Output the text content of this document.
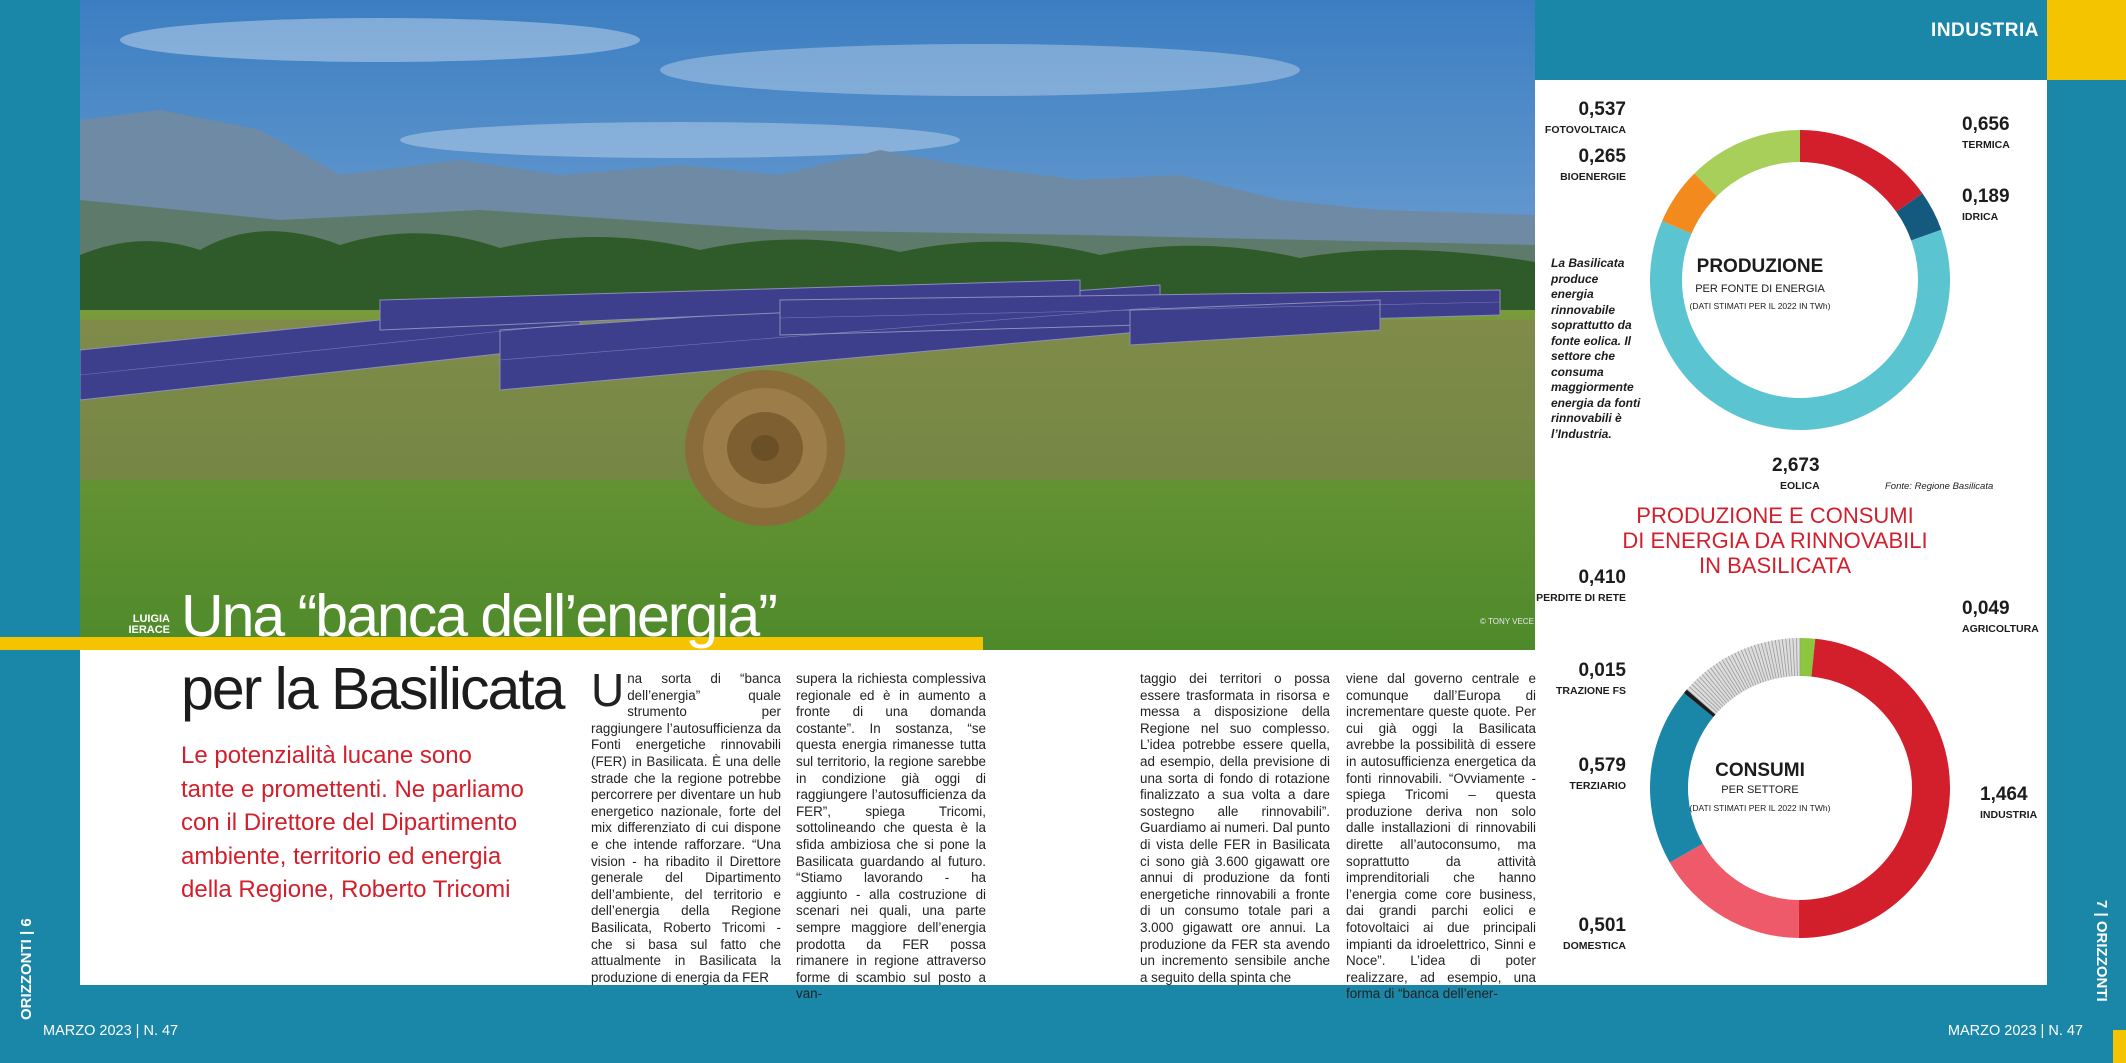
INDUSTRIA
© TONY VECE
LUIGIA
IERACE Una “banca dell’energia”
per la Basilicata
Le potenzialità lucane sono tante e promettenti. Ne parliamo con il Direttore del Dipartimento ambiente, territorio ed energia della Regione, Roberto Tricomi
Una sorta di “banca dell’energia” quale strumento per raggiungere l’autosufficienza da Fonti energetiche rinnovabili (FER) in Basilicata. È una delle strade che la regione potrebbe percorrere per diventare un hub energetico nazionale, forte del mix differenziato di cui dispone e che intende rafforzare. “Una vision - ha ribadito il Direttore generale del Dipartimento dell’ambiente, del territorio e dell’energia della Regione Basilicata, Roberto Tricomi - che si basa sul fatto che attualmente in Basilicata la produzione di energia da FER

supera la richiesta complessiva regionale ed è in aumento a fronte di una domanda costante”. In sostanza, “se questa energia rimanesse tutta sul territorio, la regione sarebbe in condizione già oggi di raggiungere l’autosufficienza da FER”, spiega Tricomi, sottolineando che questa è la sfida ambiziosa che si pone la Basilicata guardando al futuro. “Stiamo lavorando - ha aggiunto - alla costruzione di scenari nei quali, una parte sempre maggiore dell’energia prodotta da FER possa rimanere in regione attraverso forme di scambio sul posto a van-

taggio dei territori o possa essere trasformata in risorsa e messa a disposizione della Regione nel suo complesso. L’idea potrebbe essere quella, ad esempio, della previsione di una sorta di fondo di rotazione finalizzato a sua volta a dare sostegno alle rinnovabili”. Guardiamo ai numeri. Dal punto di vista delle FER in Basilicata ci sono già 3.600 gigawatt ore annui di produzione da fonti energetiche rinnovabili a fronte di un consumo totale pari a 3.000 gigawatt ore annui. La produzione da FER sta avendo un incremento sensibile anche a seguito della spinta che

viene dal governo centrale e comunque dall’Europa di incrementare queste quote. Per cui già oggi la Basilicata avrebbe la possibilità di essere in autosufficienza energetica da fonti rinnovabili. “Ovviamente - spiega Tricomi – questa produzione deriva non solo dalle installazioni di rinnovabili dirette all’autoconsumo, ma soprattutto da attività imprenditoriali che hanno l’energia come core business, dai grandi parchi eolici e fotovoltaici ai due principali impianti da idroelettrico, Sinni e Noce”. L’idea di poter realizzare, ad esempio, una forma di “banca dell’ener-

La Basilicata produce energia rinnovabile soprattutto da fonte eolica. Il settore che consuma maggiormente energia da fonti rinnovabili è l’Industria.
Fonte: Regione Basilicata
PRODUZIONE E CONSUMI
DI ENERGIA DA RINNOVABILI
IN BASILICATA
PRODUZIONE
PER FONTE DI ENERGIA
(DATI STIMATI PER IL 2022 IN TWh)
CONSUMI
PER SETTORE
(DATI STIMATI PER IL 2022 IN TWh)
0,656
TERMICA
0,189
IDRICA
2,673
EOLICA
0,265
BIOENERGIE
0,537
FOTOVOLTAICA
0,049
AGRICOLTURA
1,464
INDUSTRIA
0,501
DOMESTICA
0,579
TERZIARIO
0,015
TRAZIONE FS
0,410
PERDITE DI RETE
MARZO 2023 | N. 47	MARZO 2023 | N. 47
ORIZZONTI | 6	7 | ORIZZONTI
